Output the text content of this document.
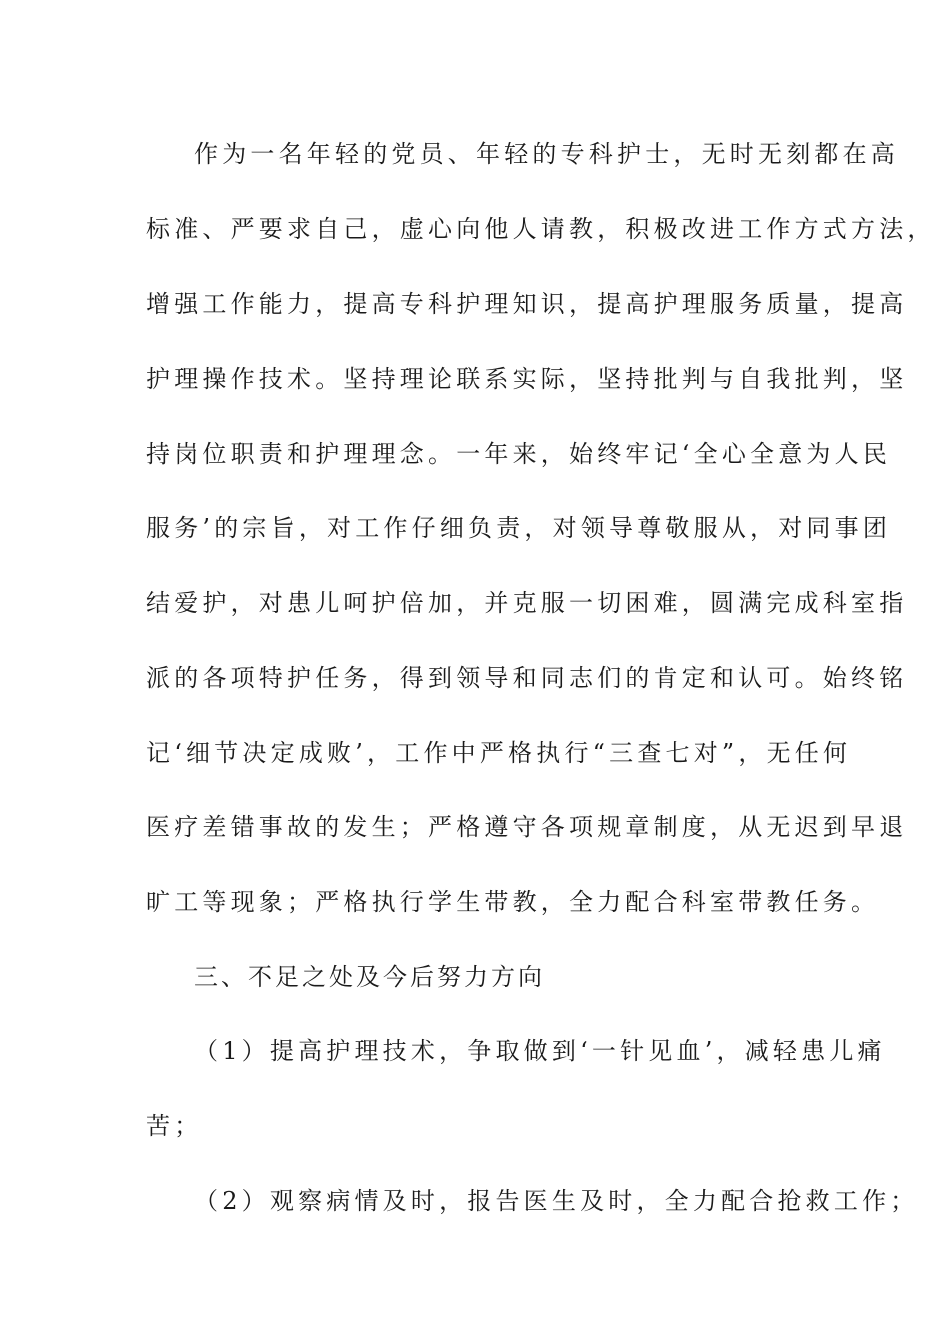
作为一名年轻的党员、年轻的专科护士，无时无刻都在高
标准、严要求自己，虚心向他人请教，积极改进工作方式方法，
增强工作能力，提高专科护理知识，提高护理服务质量，提高
护理操作技术。坚持理论联系实际，坚持批判与自我批判，坚
持岗位职责和护理理念。一年来，始终牢记‘全心全意为人民
服务’的宗旨，对工作仔细负责，对领导尊敬服从，对同事团
结爱护，对患儿呵护倍加，并克服一切困难，圆满完成科室指
派的各项特护任务，得到领导和同志们的肯定和认可。始终铭
记‘细节决定成败’，工作中严格执行“三查七对”，无任何
医疗差错事故的发生；严格遵守各项规章制度，从无迟到早退
旷工等现象；严格执行学生带教，全力配合科室带教任务。
三、不足之处及今后努力方向
（1）提高护理技术，争取做到‘一针见血’，减轻患儿痛
苦；
（2）观察病情及时，报告医生及时，全力配合抢救工作；
